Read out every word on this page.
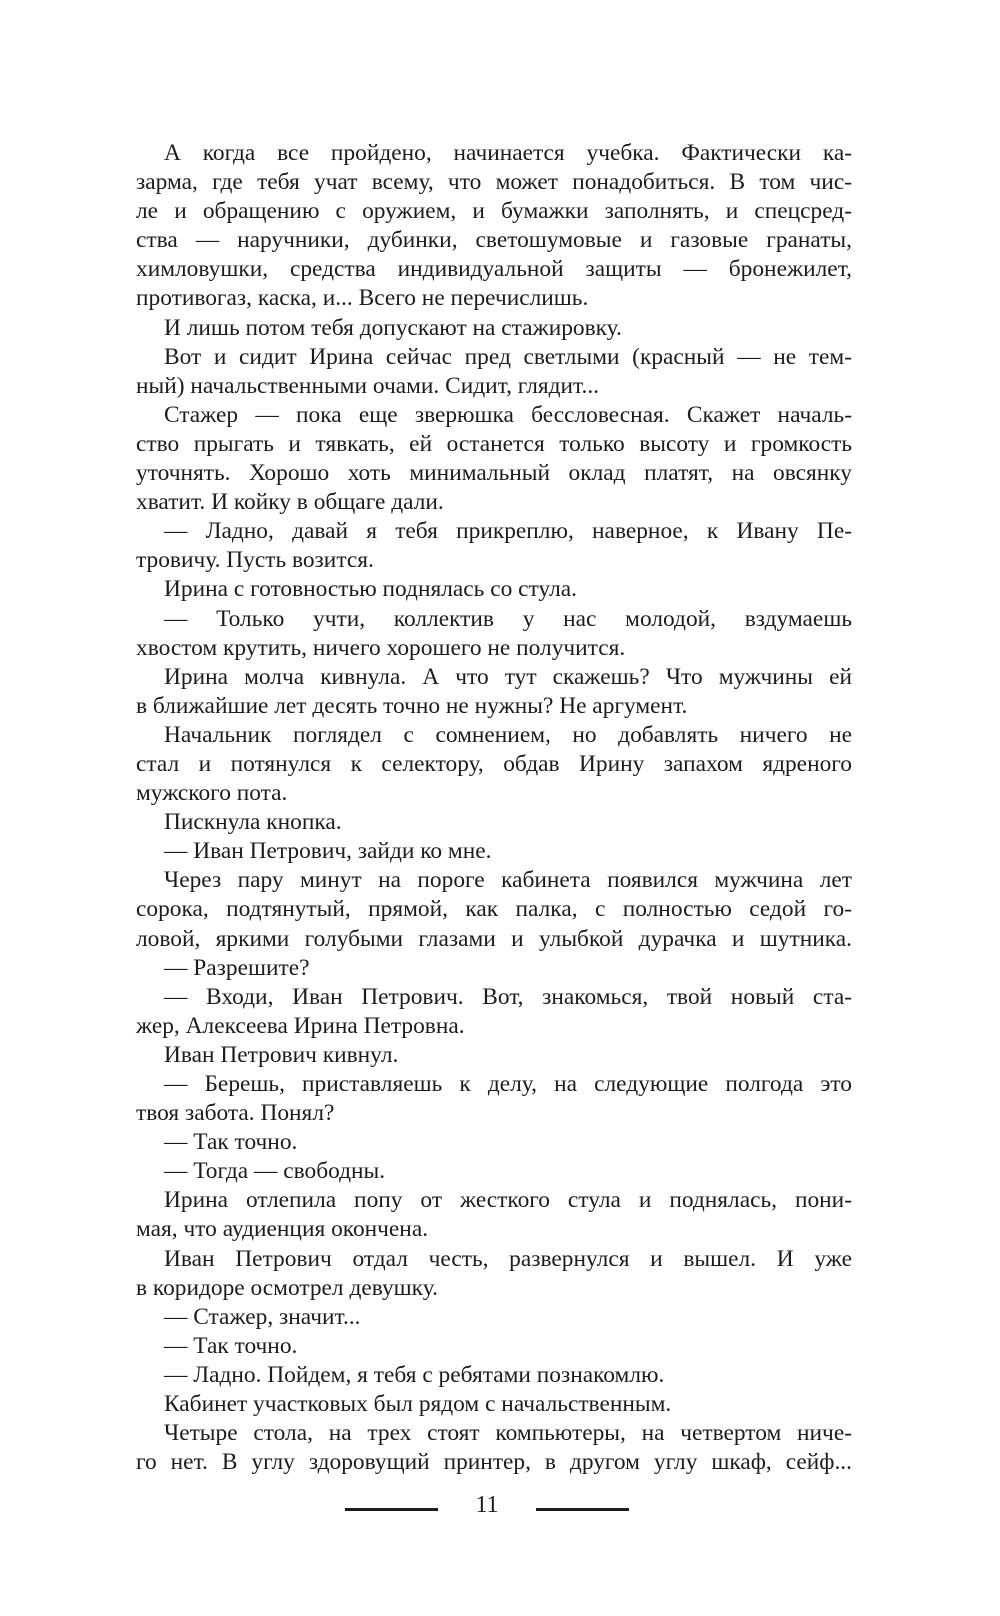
А когда все пройдено, начинается учебка. Фактически ка-
зарма, где тебя учат всему, что может понадобиться. В том чис-
ле и обращению с оружием, и бумажки заполнять, и спецсред-
ства — наручники, дубинки, светошумовые и газовые гранаты,
химловушки, средства индивидуальной защиты — бронежилет,
противогаз, каска, и... Всего не перечислишь.
И лишь потом тебя допускают на стажировку.
Вот и сидит Ирина сейчас пред светлыми (красный — не тем-
ный) начальственными очами. Сидит, глядит...
Стажер — пока еще зверюшка бессловесная. Скажет началь-
ство прыгать и тявкать, ей останется только высоту и громкость
уточнять. Хорошо хоть минимальный оклад платят, на овсянку
хватит. И койку в общаге дали.
— Ладно, давай я тебя прикреплю, наверное, к Ивану Пе-
тровичу. Пусть возится.
Ирина с готовностью поднялась со стула.
— Только учти, коллектив у нас молодой, вздумаешь
хвостом крутить, ничего хорошего не получится.
Ирина молча кивнула. А что тут скажешь? Что мужчины ей
в ближайшие лет десять точно не нужны? Не аргумент.
Начальник поглядел с сомнением, но добавлять ничего не
стал и потянулся к селектору, обдав Ирину запахом ядреного
мужского пота.
Пискнула кнопка.
— Иван Петрович, зайди ко мне.
Через пару минут на пороге кабинета появился мужчина лет
сорока, подтянутый, прямой, как палка, с полностью седой го-
ловой, яркими голубыми глазами и улыбкой дурачка и шутника.
— Разрешите?
— Входи, Иван Петрович. Вот, знакомься, твой новый ста-
жер, Алексеева Ирина Петровна.
Иван Петрович кивнул.
— Берешь, приставляешь к делу, на следующие полгода это
твоя забота. Понял?
— Так точно.
— Тогда — свободны.
Ирина отлепила попу от жесткого стула и поднялась, пони-
мая, что аудиенция окончена.
Иван Петрович отдал честь, развернулся и вышел. И уже
в коридоре осмотрел девушку.
— Стажер, значит...
— Так точно.
— Ладно. Пойдем, я тебя с ребятами познакомлю.
Кабинет участковых был рядом с начальственным.
Четыре стола, на трех стоят компьютеры, на четвертом ниче-
го нет. В углу здоровущий принтер, в другом углу шкаф, сейф...
11
